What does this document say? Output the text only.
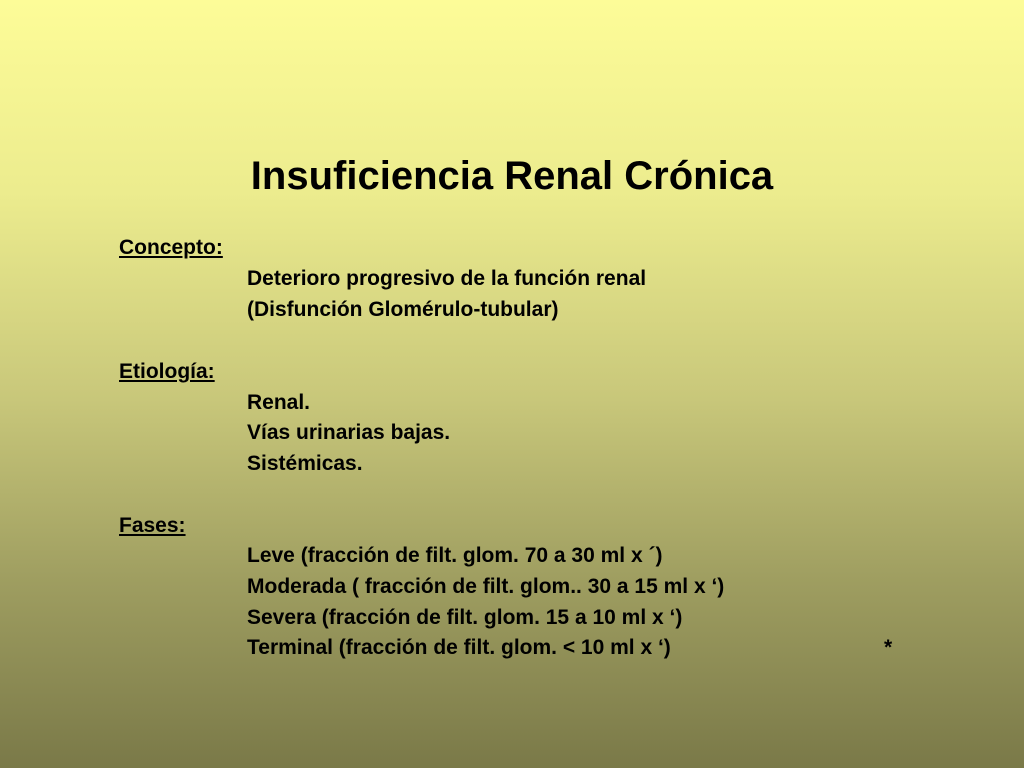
Insuficiencia Renal Crónica
Concepto:
Deterioro progresivo de la función renal
(Disfunción Glomérulo-tubular)
Etiología:
Renal.
Vías urinarias bajas.
Sistémicas.
Fases:
Leve (fracción de filt. glom. 70 a 30 ml x ´)
Moderada ( fracción de filt. glom.. 30 a 15 ml x ‘)
Severa (fracción de filt. glom. 15 a 10 ml x ‘)
Terminal (fracción de filt. glom. < 10 ml x ‘)	*
